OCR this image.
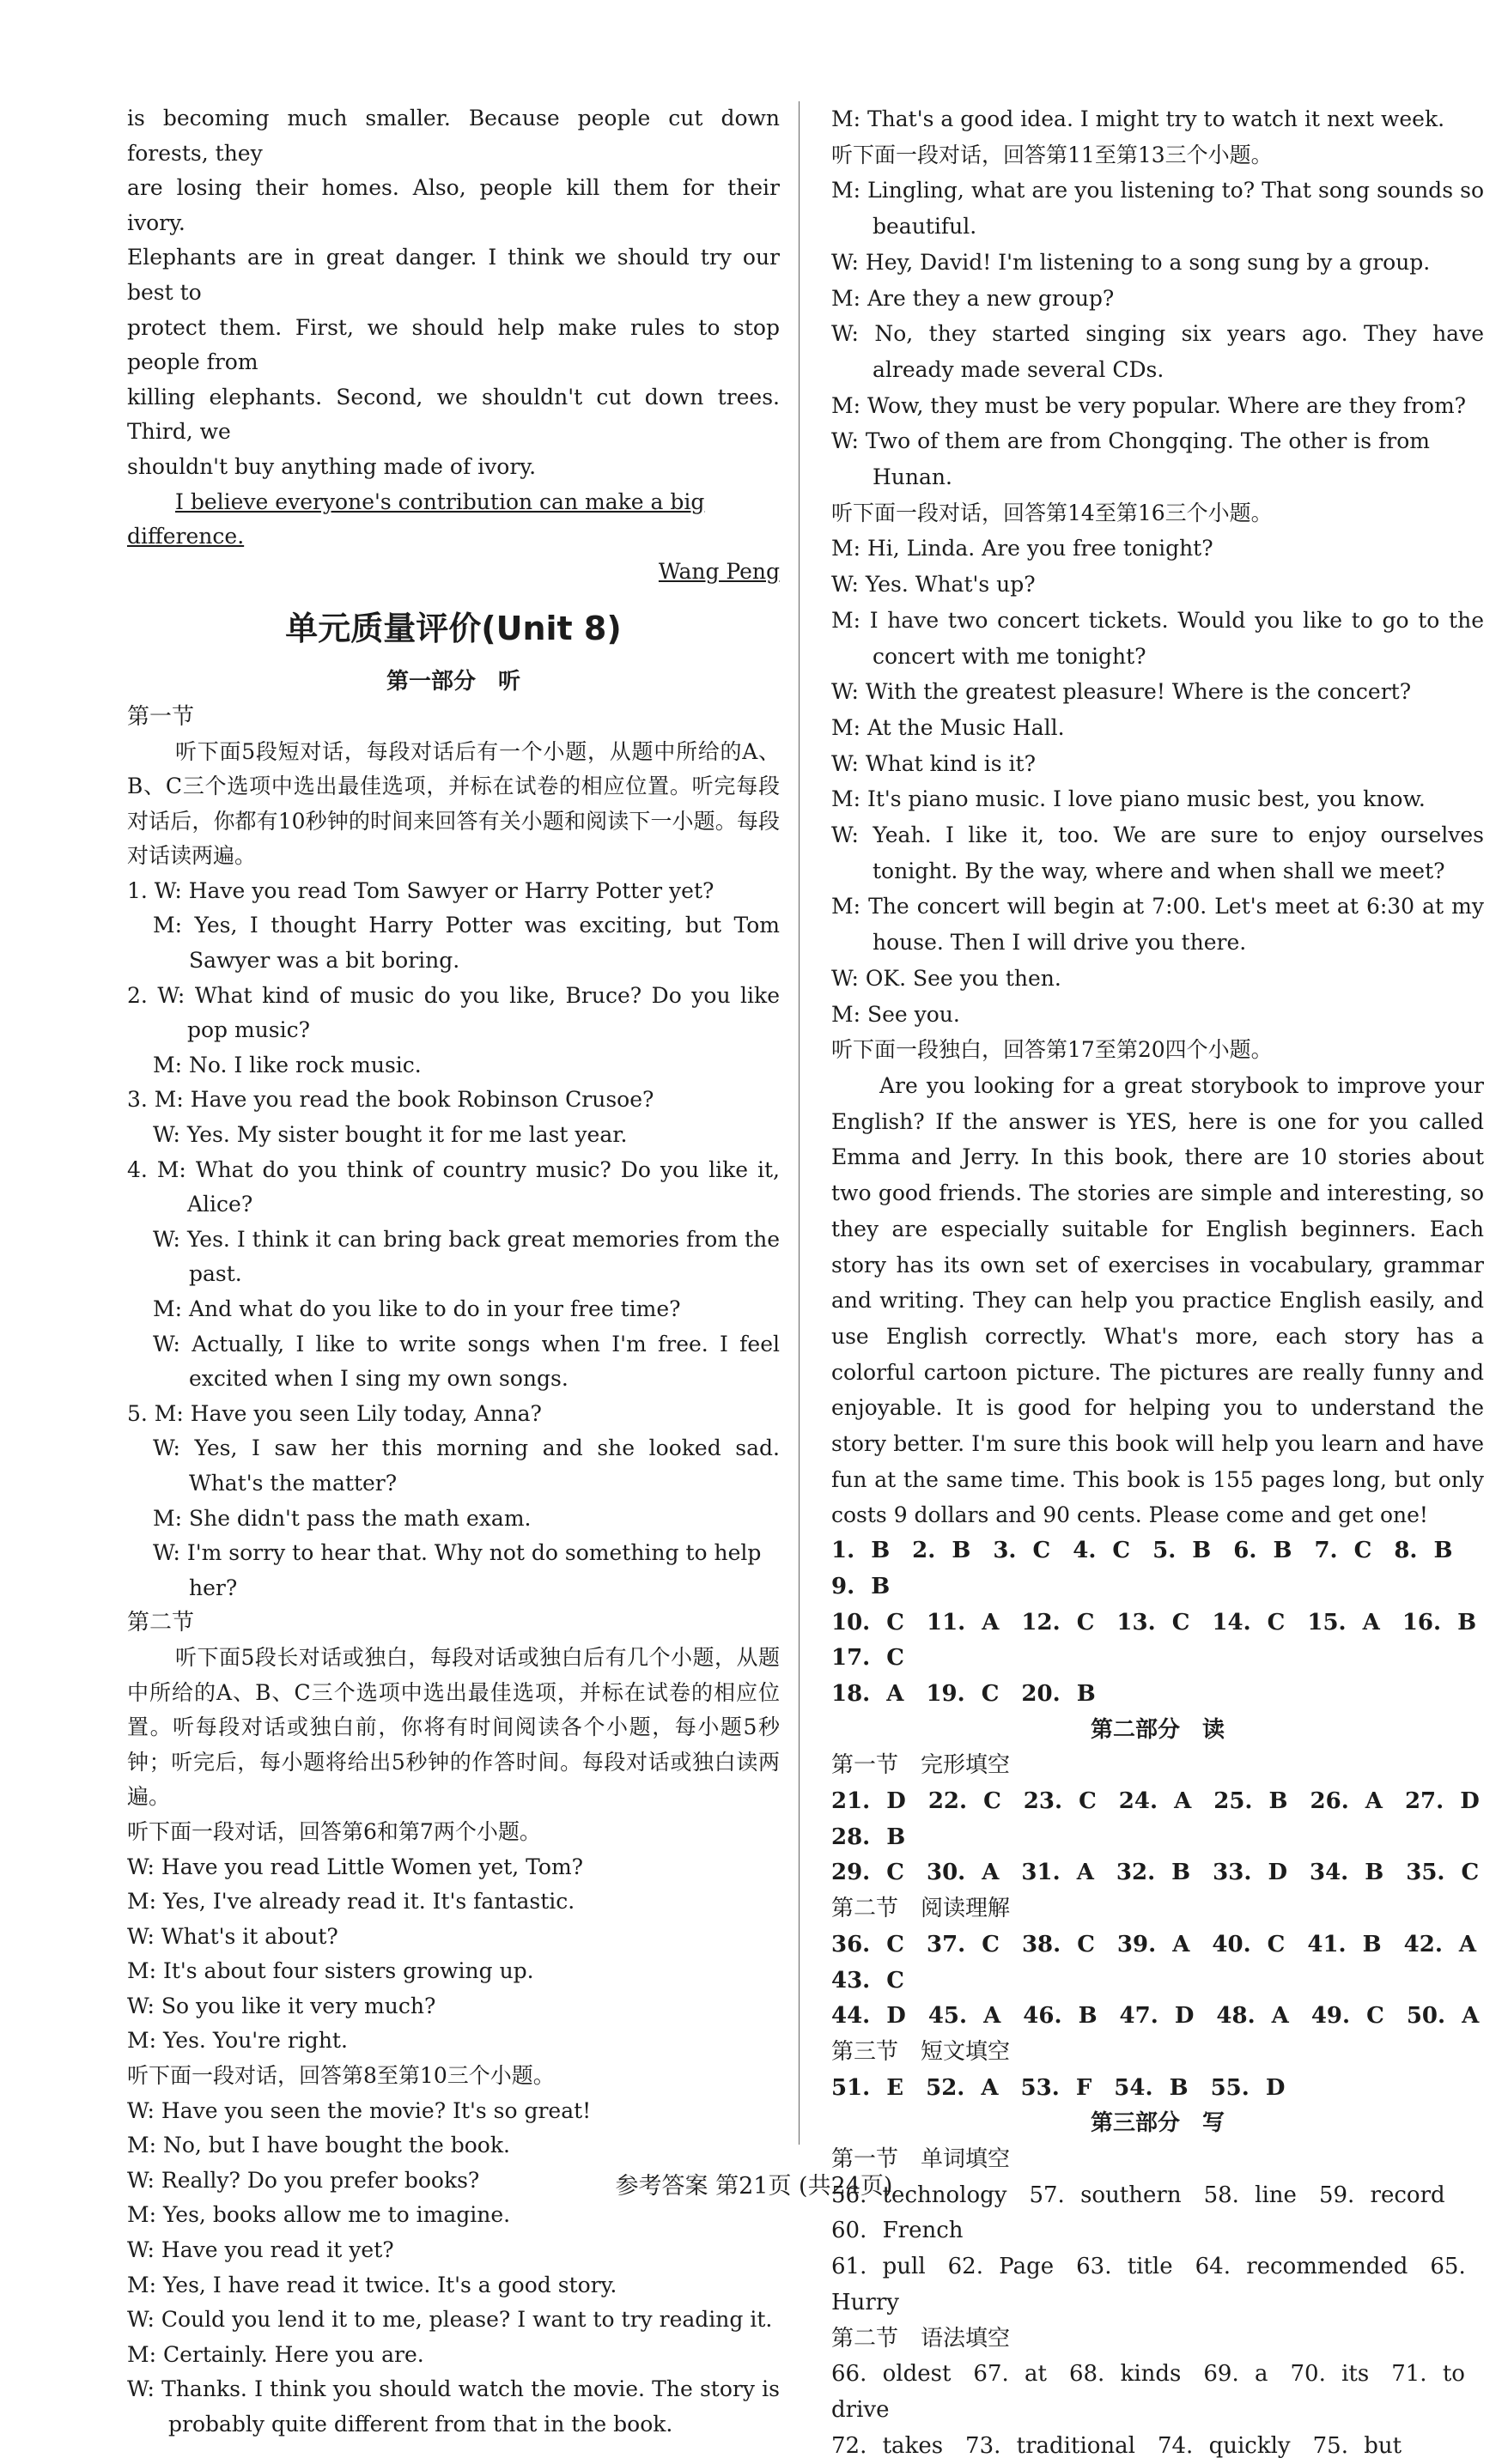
is becoming much smaller. Because people cut down forests, they

are losing their homes. Also, people kill them for their ivory.

Elephants are in great danger. I think we should try our best to

protect them. First, we should help make rules to stop people from

killing elephants. Second, we shouldn't cut down trees. Third, we

shouldn't buy anything made of ivory.

I believe everyone's contribution can make a big difference.

Wang Peng

单元质量评价(Unit 8)
第一部分　听

第一节

听下面5段短对话，每段对话后有一个小题，从题中所给的A、B、C三个选项中选出最佳选项，并标在试卷的相应位置。听完每段对话后，你都有10秒钟的时间来回答有关小题和阅读下一小题。每段对话读两遍。

1. W: Have you read Tom Sawyer or Harry Potter yet?

M: Yes, I thought Harry Potter was exciting, but Tom Sawyer was a bit boring.

2. W: What kind of music do you like, Bruce? Do you like pop music?

M: No. I like rock music.

3. M: Have you read the book Robinson Crusoe?

W: Yes. My sister bought it for me last year.

4. M: What do you think of country music? Do you like it, Alice?

W: Yes. I think it can bring back great memories from the past.

M: And what do you like to do in your free time?

W: Actually, I like to write songs when I'm free. I feel excited when I sing my own songs.

5. M: Have you seen Lily today, Anna?

W: Yes, I saw her this morning and she looked sad. What's the matter?

M: She didn't pass the math exam.

W: I'm sorry to hear that. Why not do something to help her?

第二节

听下面5段长对话或独白，每段对话或独白后有几个小题，从题中所给的A、B、C三个选项中选出最佳选项，并标在试卷的相应位置。听每段对话或独白前，你将有时间阅读各个小题，每小题5秒钟；听完后，每小题将给出5秒钟的作答时间。每段对话或独白读两遍。

听下面一段对话，回答第6和第7两个小题。

W: Have you read Little Women yet, Tom?

M: Yes, I've already read it. It's fantastic.

W: What's it about?

M: It's about four sisters growing up.

W: So you like it very much?

M: Yes. You're right.

听下面一段对话，回答第8至第10三个小题。

W: Have you seen the movie? It's so great!

M: No, but I have bought the book.

W: Really? Do you prefer books?

M: Yes, books allow me to imagine.

W: Have you read it yet?

M: Yes, I have read it twice. It's a good story.

W: Could you lend it to me, please? I want to try reading it.

M: Certainly. Here you are.

W: Thanks. I think you should watch the movie. The story is probably quite different from that in the book.

M: That's a good idea. I might try to watch it next week.

听下面一段对话，回答第11至第13三个小题。

M: Lingling, what are you listening to? That song sounds so beautiful.

W: Hey, David! I'm listening to a song sung by a group.

M: Are they a new group?

W: No, they started singing six years ago. They have already made several CDs.

M: Wow, they must be very popular. Where are they from?

W: Two of them are from Chongqing. The other is from Hunan.

听下面一段对话，回答第14至第16三个小题。

M: Hi, Linda. Are you free tonight?

W: Yes. What's up?

M: I have two concert tickets. Would you like to go to the concert with me tonight?

W: With the greatest pleasure! Where is the concert?

M: At the Music Hall.

W: What kind is it?

M: It's piano music. I love piano music best, you know.

W: Yeah. I like it, too. We are sure to enjoy ourselves tonight. By the way, where and when shall we meet?

M: The concert will begin at 7:00. Let's meet at 6:30 at my house. Then I will drive you there.

W: OK. See you then.

M: See you.

听下面一段独白，回答第17至第20四个小题。

Are you looking for a great storybook to improve your English? If the answer is YES, here is one for you called Emma and Jerry. In this book, there are 10 stories about two good friends. The stories are simple and interesting, so they are especially suitable for English beginners. Each story has its own set of exercises in vocabulary, grammar and writing. They can help you practice English easily, and use English correctly. What's more, each story has a colorful cartoon picture. The pictures are really funny and enjoyable. It is good for helping you to understand the story better. I'm sure this book will help you learn and have fun at the same time. This book is 155 pages long, but only costs 9 dollars and 90 cents. Please come and get one!

1. B　2. B　3. C　4. C　5. B　6. B　7. C　8. B　9. B

10. C　11. A　12. C　13. C　14. C　15. A　16. B　17. C

18. A　19. C　20. B

第二部分　读

第一节　完形填空

21. D　22. C　23. C　24. A　25. B　26. A　27. D　28. B

29. C　30. A　31. A　32. B　33. D　34. B　35. C

第二节　阅读理解

36. C　37. C　38. C　39. A　40. C　41. B　42. A　43. C

44. D　45. A　46. B　47. D　48. A　49. C　50. A

第三节　短文填空

51. E　52. A　53. F　54. B　55. D

第三部分　写

第一节　单词填空

56. technology　57. southern　58. line　59. record　60. French

61. pull　62. Page　63. title　64. recommended　65. Hurry

第二节　语法填空

66. oldest　67. at　68. kinds　69. a　70. its　71. to drive

72. takes　73. traditional　74. quickly　75. but

参考答案 第21页 (共24页)
